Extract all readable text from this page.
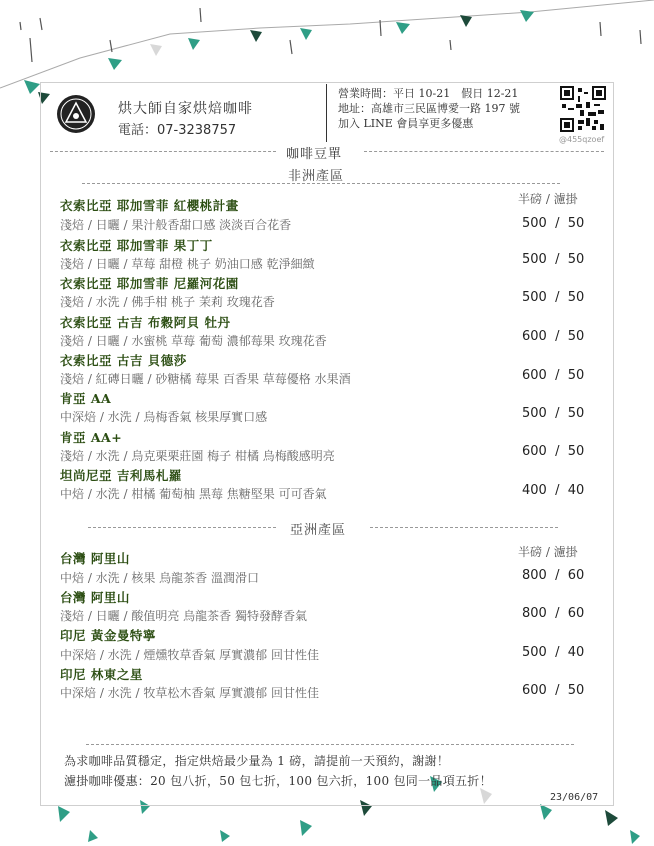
烘大師自家烘焙咖啡
電話：07-3238757
營業時間：平日 10-21　假日 12-21
地址：高雄市三民區博愛一路 197 號
加入 LINE 會員享更多優惠
@455qzoef
咖啡豆單
非洲產區
半磅 / 濾掛
衣索比亞 耶加雪菲 紅櫻桃計畫
淺焙 / 日曬 / 果汁般香甜口感 淡淡百合花香	500  /  50
衣索比亞 耶加雪菲 果丁丁
淺焙 / 日曬 / 草莓 甜橙 桃子 奶油口感 乾淨細緻	500  /  50
衣索比亞 耶加雪菲 尼羅河花園
淺焙 / 水洗 / 佛手柑 桃子 茉莉 玫瑰花香	500  /  50
衣索比亞 古吉 布穀阿貝 牡丹
淺焙 / 日曬 / 水蜜桃 草莓 葡萄 濃郁莓果 玫瑰花香	600  /  50
衣索比亞 古吉 貝德莎
淺焙 / 紅磚日曬 / 砂糖橘 莓果 百香果 草莓優格 水果酒	600  /  50
肯亞 AA
中深焙 / 水洗 / 烏梅香氣 核果厚實口感	500  /  50
肯亞 AA+
淺焙 / 水洗 / 烏克栗栗莊園 梅子 柑橘 烏梅酸感明亮	600  /  50
坦尚尼亞 吉利馬札羅
中焙 / 水洗 / 柑橘 葡萄柚 黑莓 焦糖堅果 可可香氣	400  /  40
亞洲產區
半磅 / 濾掛
台灣 阿里山
中焙 / 水洗 / 核果 烏龍茶香 溫潤滑口	800  /  60
台灣 阿里山
淺焙 / 日曬 / 酸值明亮 烏龍茶香 獨特發酵香氣	800  /  60
印尼 黃金曼特寧
中深焙 / 水洗 / 煙燻牧草香氣 厚實濃郁 回甘性佳	500  /  40
印尼 林東之星
中深焙 / 水洗 / 牧草松木香氣 厚實濃郁 回甘性佳	600  /  50
為求咖啡品質穩定，指定烘焙最少量為 1 磅，請提前一天預約，謝謝！
濾掛咖啡優惠：20 包八折，50 包七折，100 包六折，100 包同一品項五折！
23/06/07
